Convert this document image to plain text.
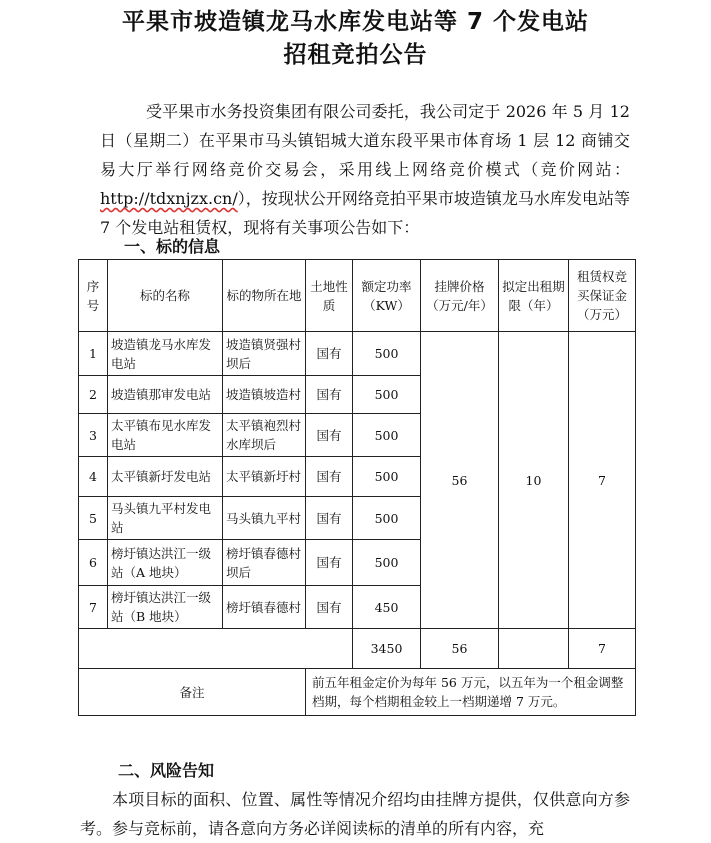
平果市坡造镇龙马水库发电站等 7 个发电站
招租竞拍公告

受平果市水务投资集团有限公司委托，我公司定于 2026 年 5 月 12 日（星期二）在平果市马头镇铝城大道东段平果市体育场 1 层 12 商铺交易大厅举行网络竞价交易会，采用线上网络竞价模式（竞价网站：http://tdxnjzx.cn/），按现状公开网络竞拍平果市坡造镇龙马水库发电站等 7 个发电站租赁权，现将有关事项公告如下：

一、标的信息

序号	标的名称	标的物所在地	土地性质	额定功率（KW）	挂牌价格（万元/年）	拟定出租期限（年）	租赁权竞买保证金（万元）
1	坡造镇龙马水库发电站	坡造镇贤强村坝后	国有	500	56	10	7
2	坡造镇那审发电站	坡造镇坡造村	国有	500			
3	太平镇布见水库发电站	太平镇袍烈村水库坝后	国有	500			
4	太平镇新圩发电站	太平镇新圩村	国有	500			
5	马头镇九平村发电站	马头镇九平村	国有	500			
6	榜圩镇达洪江一级站（A 地块）	榜圩镇春德村坝后	国有	500			
7	榜圩镇达洪江一级站（B 地块）	榜圩镇春德村	国有	450			
				3450	56		7
备注			前五年租金定价为每年 56 万元，以五年为一个租金调整档期，每个档期租金较上一档期递增 7 万元。				

二、风险告知

本项目标的面积、位置、属性等情况介绍均由挂牌方提供，仅供意向方参考。参与竞标前，请各意向方务必详阅读标的清单的所有内容，充
